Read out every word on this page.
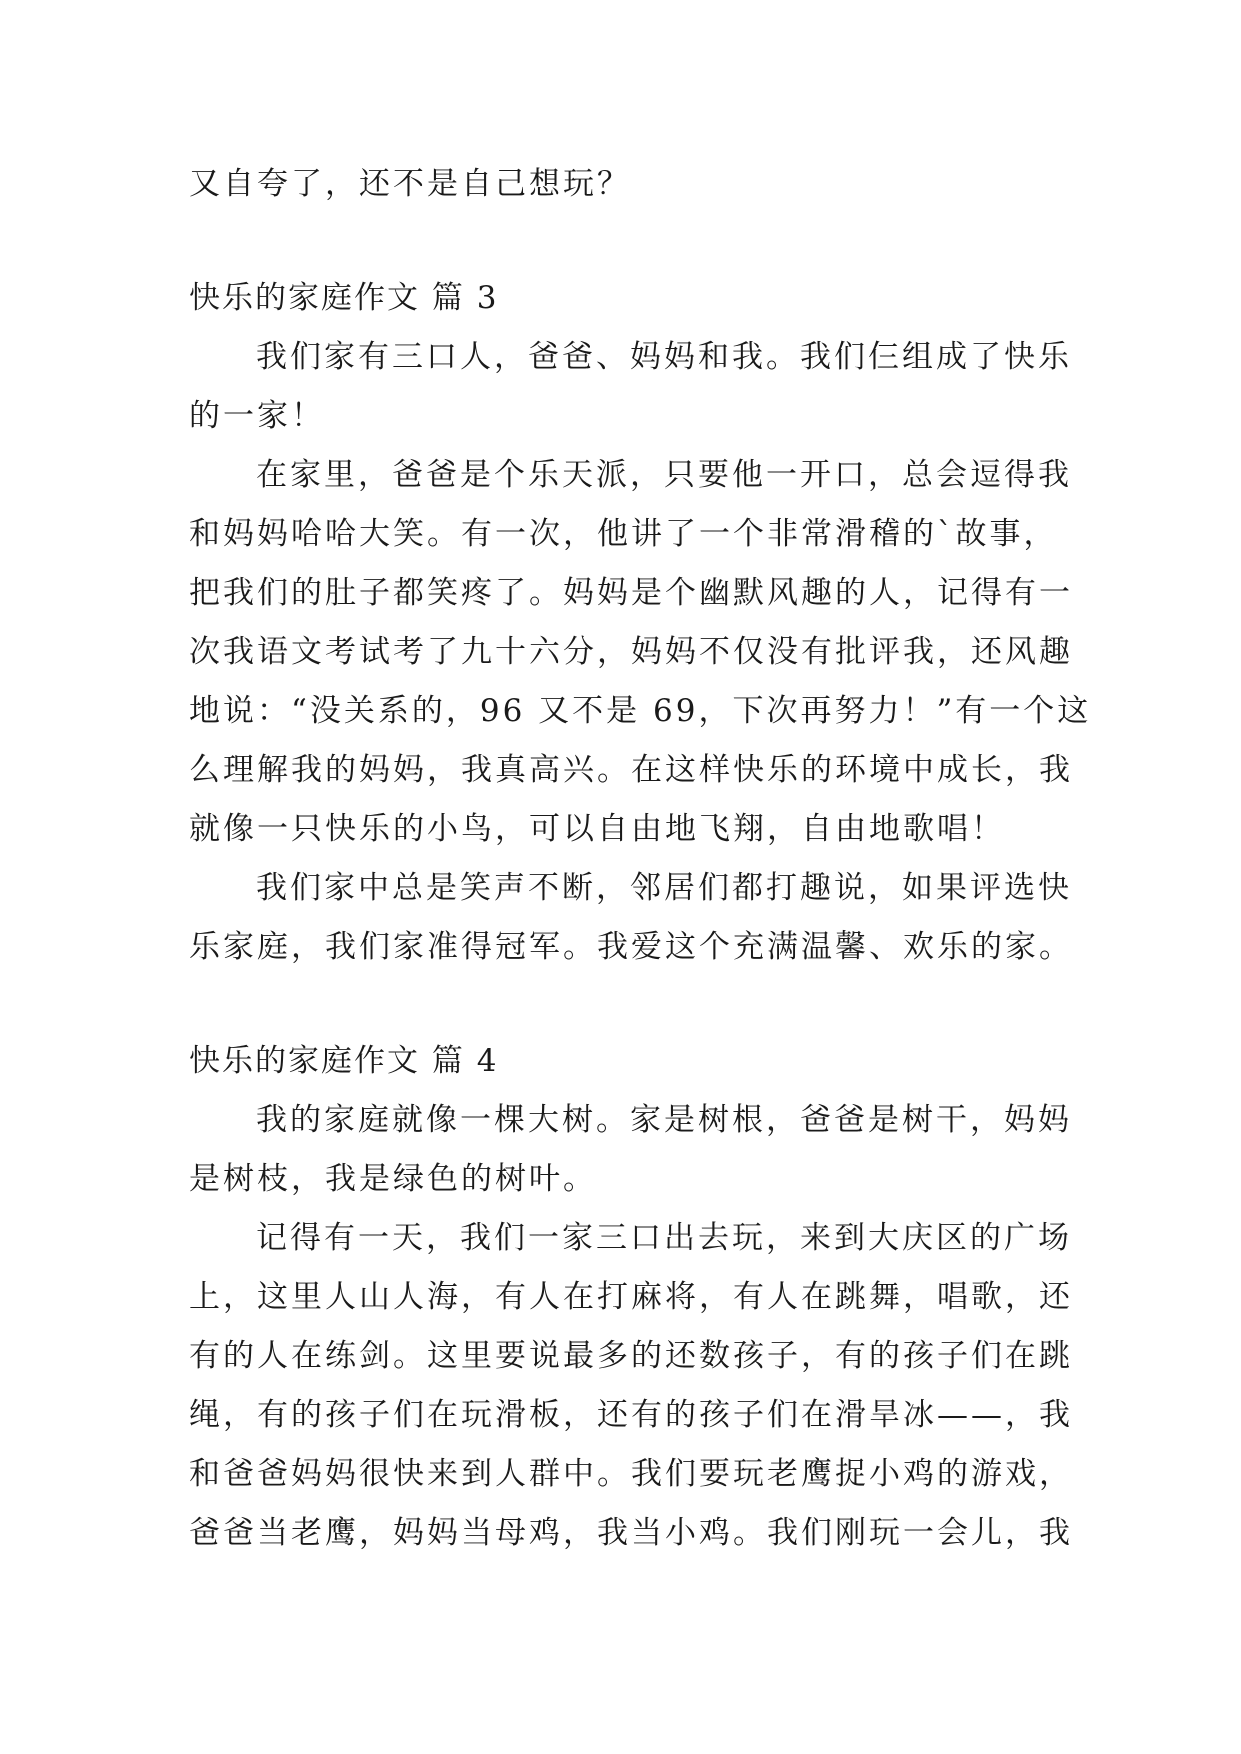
又自夸了，还不是自己想玩？
快乐的家庭作文 篇 3
我们家有三口人，爸爸、妈妈和我。我们仨组成了快乐
的一家！
在家里，爸爸是个乐天派，只要他一开口，总会逗得我
和妈妈哈哈大笑。有一次，他讲了一个非常滑稽的`故事，
把我们的肚子都笑疼了。妈妈是个幽默风趣的人，记得有一
次我语文考试考了九十六分，妈妈不仅没有批评我，还风趣
地说：“没关系的，96 又不是 69，下次再努力！”有一个这
么理解我的妈妈，我真高兴。在这样快乐的环境中成长，我
就像一只快乐的小鸟，可以自由地飞翔，自由地歌唱！
我们家中总是笑声不断，邻居们都打趣说，如果评选快
乐家庭，我们家准得冠军。我爱这个充满温馨、欢乐的家。
快乐的家庭作文 篇 4
我的家庭就像一棵大树。家是树根，爸爸是树干，妈妈
是树枝，我是绿色的树叶。
记得有一天，我们一家三口出去玩，来到大庆区的广场
上，这里人山人海，有人在打麻将，有人在跳舞，唱歌，还
有的人在练剑。这里要说最多的还数孩子，有的孩子们在跳
绳，有的孩子们在玩滑板，还有的孩子们在滑旱冰——，我
和爸爸妈妈很快来到人群中。我们要玩老鹰捉小鸡的游戏，
爸爸当老鹰，妈妈当母鸡，我当小鸡。我们刚玩一会儿，我
